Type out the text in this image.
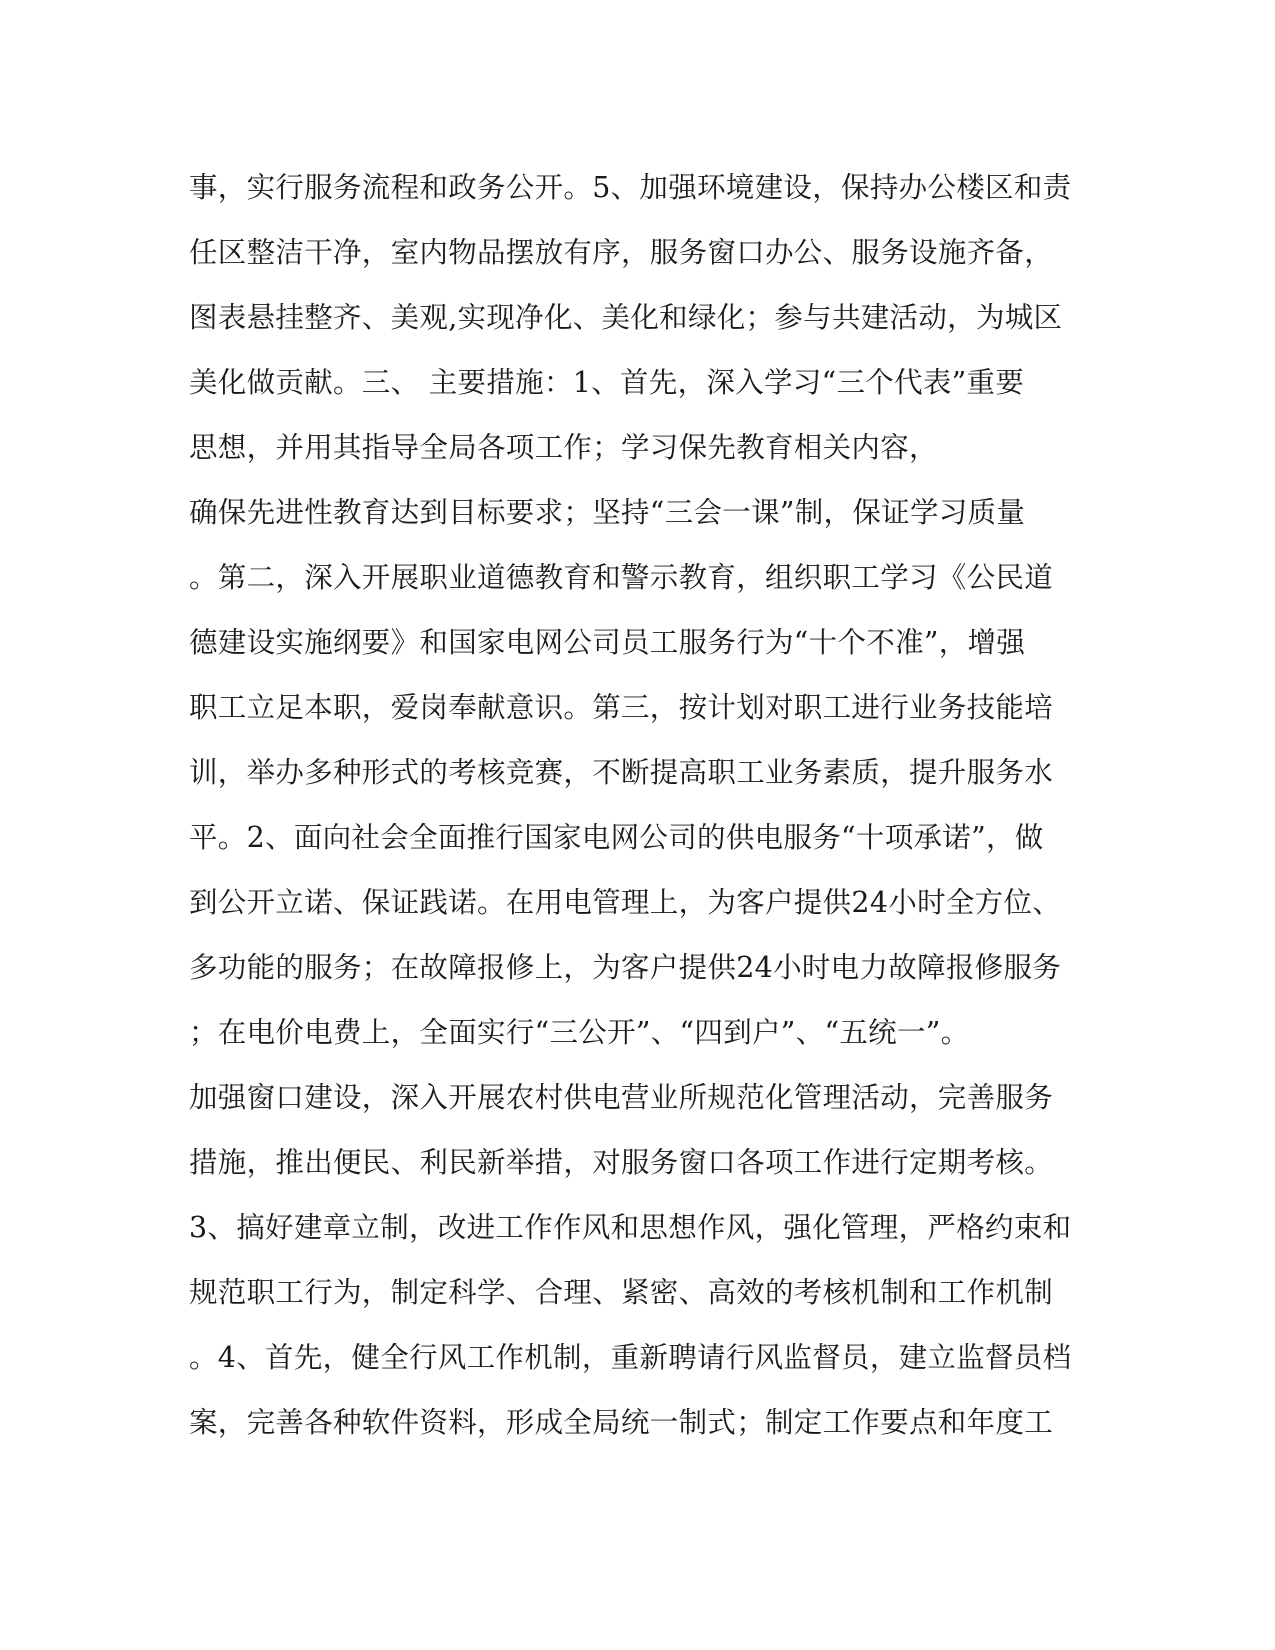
事，实行服务流程和政务公开。5、加强环境建设，保持办公楼区和责
任区整洁干净，室内物品摆放有序，服务窗口办公、服务设施齐备，
图表悬挂整齐、美观,实现净化、美化和绿化；参与共建活动，为城区
美化做贡献。三、 主要措施：1、首先，深入学习“三个代表”重要
思想，并用其指导全局各项工作；学习保先教育相关内容，
确保先进性教育达到目标要求；坚持“三会一课”制，保证学习质量
。第二，深入开展职业道德教育和警示教育，组织职工学习《公民道
德建设实施纲要》和国家电网公司员工服务行为“十个不准”，增强
职工立足本职，爱岗奉献意识。第三，按计划对职工进行业务技能培
训，举办多种形式的考核竞赛，不断提高职工业务素质，提升服务水
平。2、面向社会全面推行国家电网公司的供电服务“十项承诺”，做
到公开立诺、保证践诺。在用电管理上，为客户提供24小时全方位、
多功能的服务；在故障报修上，为客户提供24小时电力故障报修服务
；在电价电费上，全面实行“三公开”、“四到户”、“五统一”。
加强窗口建设，深入开展农村供电营业所规范化管理活动，完善服务
措施，推出便民、利民新举措，对服务窗口各项工作进行定期考核。
3、搞好建章立制，改进工作作风和思想作风，强化管理，严格约束和
规范职工行为，制定科学、合理、紧密、高效的考核机制和工作机制
。4、首先，健全行风工作机制，重新聘请行风监督员，建立监督员档
案，完善各种软件资料，形成全局统一制式；制定工作要点和年度工
